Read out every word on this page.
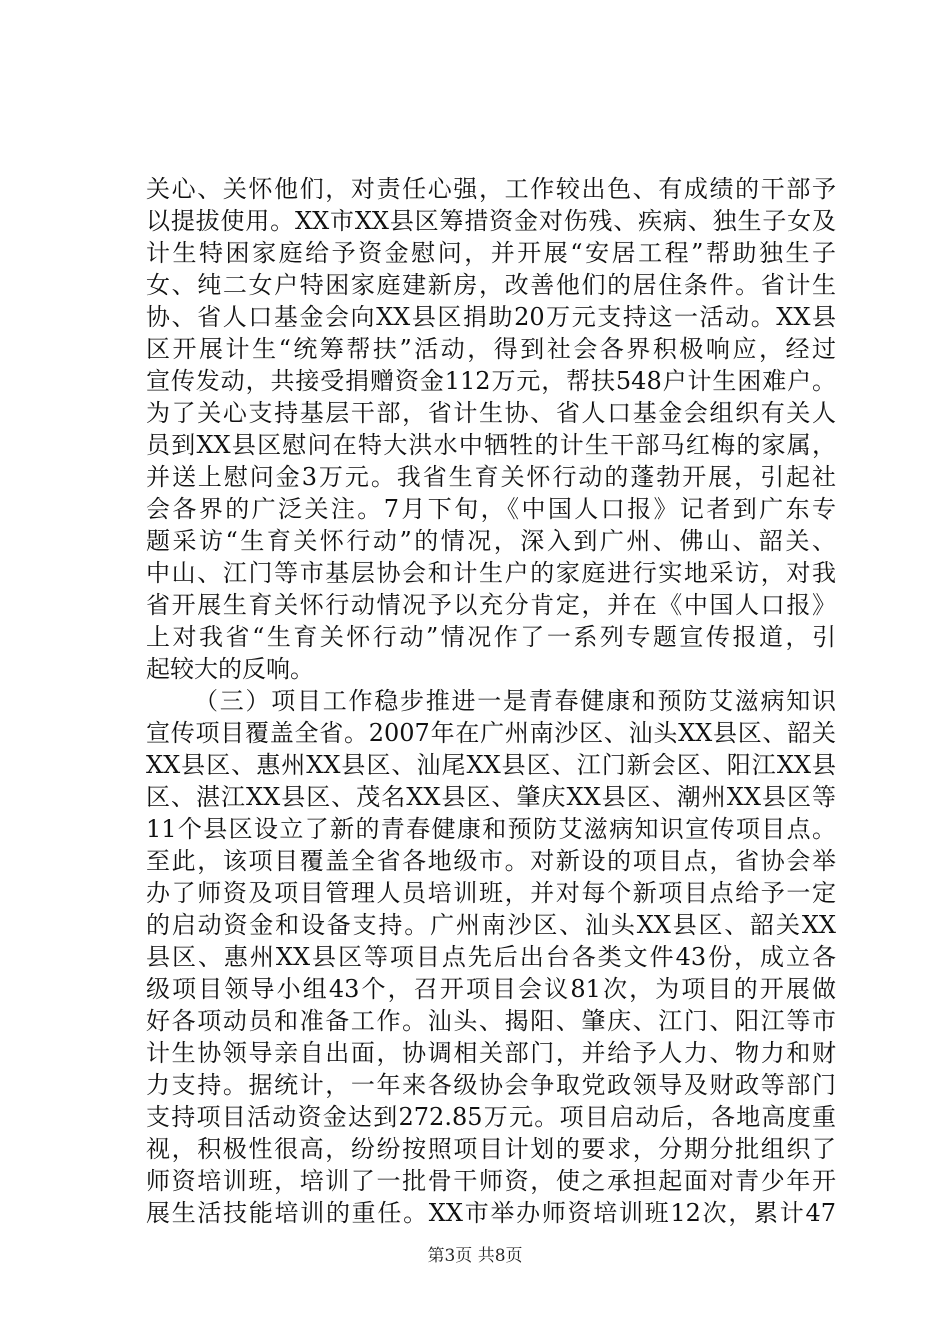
关心、关怀他们，对责任心强，工作较出色、有成绩的干部予
以提拔使用。XX市XX县区筹措资金对伤残、疾病、独生子女及
计生特困家庭给予资金慰问，并开展“安居工程”帮助独生子
女、纯二女户特困家庭建新房，改善他们的居住条件。省计生
协、省人口基金会向XX县区捐助20万元支持这一活动。XX县
区开展计生“统筹帮扶”活动，得到社会各界积极响应，经过
宣传发动，共接受捐赠资金112万元，帮扶548户计生困难户。
为了关心支持基层干部，省计生协、省人口基金会组织有关人
员到XX县区慰问在特大洪水中牺牲的计生干部马红梅的家属，
并送上慰问金3万元。我省生育关怀行动的蓬勃开展，引起社
会各界的广泛关注。7月下旬，《中国人口报》记者到广东专
题采访“生育关怀行动”的情况，深入到广州、佛山、韶关、
中山、江门等市基层协会和计生户的家庭进行实地采访，对我
省开展生育关怀行动情况予以充分肯定，并在《中国人口报》
上对我省“生育关怀行动”情况作了一系列专题宣传报道，引
起较大的反响。
（三）项目工作稳步推进一是青春健康和预防艾滋病知识
宣传项目覆盖全省。2007年在广州南沙区、汕头XX县区、韶关
XX县区、惠州XX县区、汕尾XX县区、江门新会区、阳江XX县
区、湛江XX县区、茂名XX县区、肇庆XX县区、潮州XX县区等
11个县区设立了新的青春健康和预防艾滋病知识宣传项目点。
至此，该项目覆盖全省各地级市。对新设的项目点，省协会举
办了师资及项目管理人员培训班，并对每个新项目点给予一定
的启动资金和设备支持。广州南沙区、汕头XX县区、韶关XX
县区、惠州XX县区等项目点先后出台各类文件43份，成立各
级项目领导小组43个，召开项目会议81次，为项目的开展做
好各项动员和准备工作。汕头、揭阳、肇庆、江门、阳江等市
计生协领导亲自出面，协调相关部门，并给予人力、物力和财
力支持。据统计，一年来各级协会争取党政领导及财政等部门
支持项目活动资金达到272.85万元。项目启动后，各地高度重
视，积极性很高，纷纷按照项目计划的要求，分期分批组织了
师资培训班，培训了一批骨干师资，使之承担起面对青少年开
展生活技能培训的重任。XX市举办师资培训班12次，累计47
第3页 共8页
